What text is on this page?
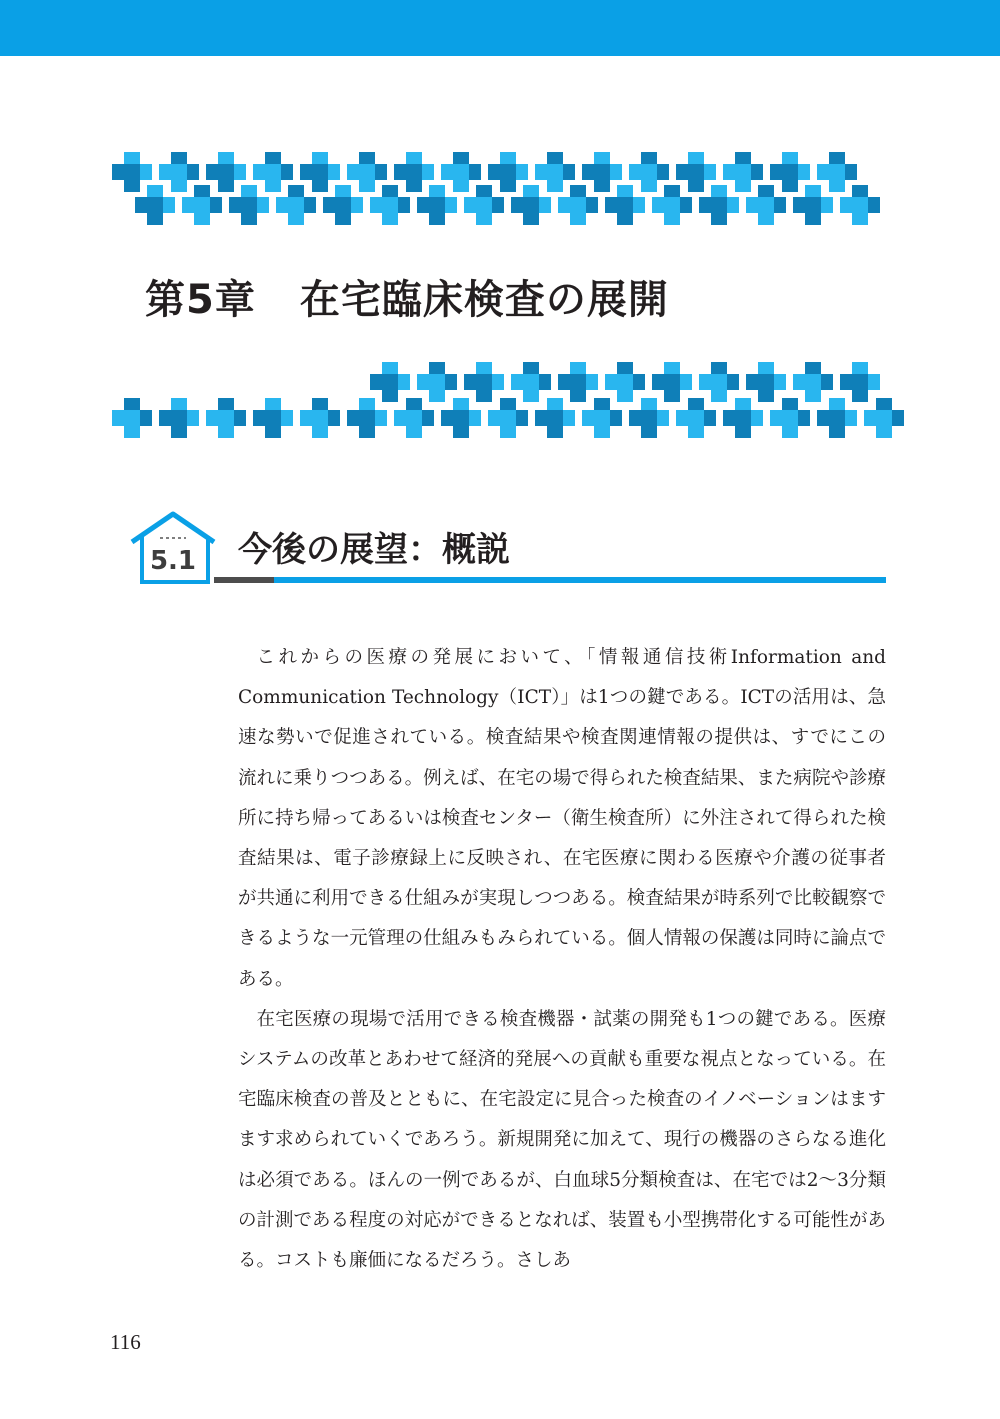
第5章 在宅臨床検査の展開
5.1 今後の展望：概説

これからの医療の発展において、「情報通信技術Information and Communication Technology（ICT）」は1つの鍵である。ICTの活用は、急速な勢いで促進されている。検査結果や検査関連情報の提供は、すでにこの流れに乗りつつある。例えば、在宅の場で得られた検査結果、また病院や診療所に持ち帰ってあるいは検査センター（衛生検査所）に外注されて得られた検査結果は、電子診療録上に反映され、在宅医療に関わる医療や介護の従事者が共通に利用できる仕組みが実現しつつある。検査結果が時系列で比較観察できるような一元管理の仕組みもみられている。個人情報の保護は同時に論点である。

在宅医療の現場で活用できる検査機器・試薬の開発も1つの鍵である。医療システムの改革とあわせて経済的発展への貢献も重要な視点となっている。在宅臨床検査の普及とともに、在宅設定に見合った検査のイノベーションはますます求められていくであろう。新規開発に加えて、現行の機器のさらなる進化は必須である。ほんの一例であるが、白血球5分類検査は、在宅では2～3分類の計測である程度の対応ができるとなれば、装置も小型携帯化する可能性がある。コストも廉価になるだろう。さしあ

116
